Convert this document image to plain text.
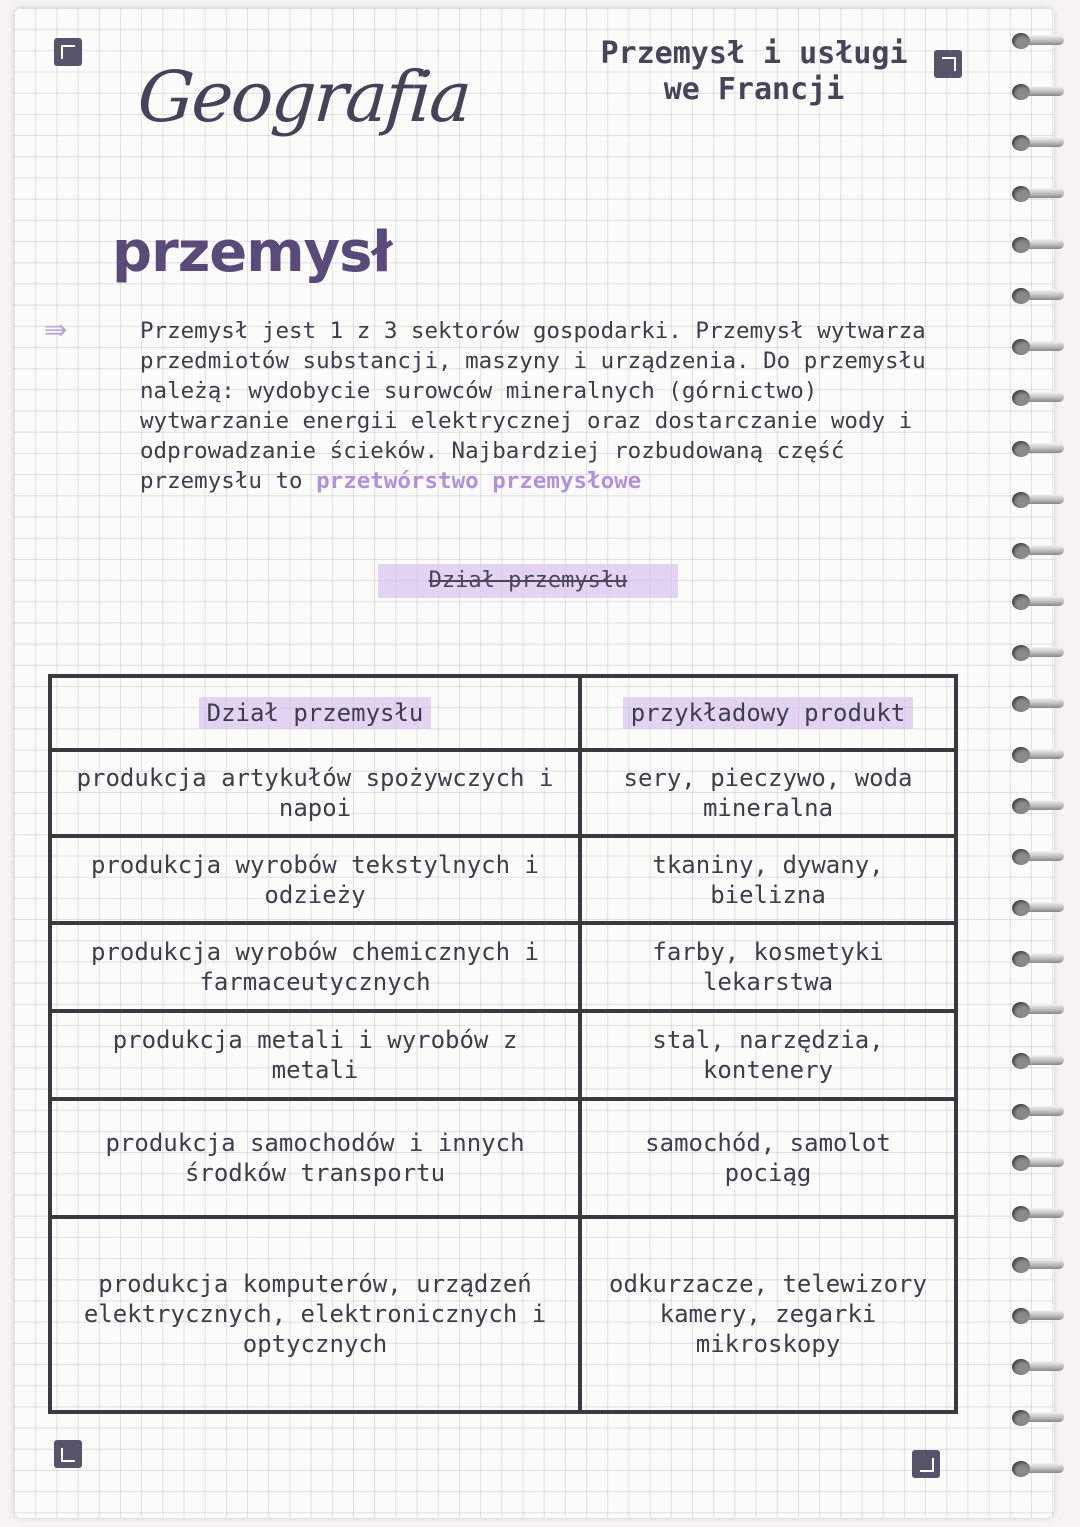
Geografia
Przemysł i usługi we Francji
przemysł
⇛	Przemysł jest 1 z 3 sektorów gospodarki. Przemysł wytwarza przedmiotów substancji, maszyny i urządzenia. Do przemysłu należą: wydobycie surowców mineralnych (górnictwo) wytwarzanie energii elektrycznej oraz dostarczanie wody i odprowadzanie ścieków. Najbardziej rozbudowaną część przemysłu to przetwórstwo przemysłowe
Dział przemysłu
Dział przemysłu	przykładowy produkt
produkcja artykułów spożywczych i napoi	sery, pieczywo, woda mineralna
produkcja wyrobów tekstylnych i odzieży	tkaniny, dywany, bielizna
produkcja wyrobów chemicznych i farmaceutycznych	farby, kosmetyki lekarstwa
produkcja metali i wyrobów z metali	stal, narzędzia, kontenery
produkcja samochodów i innych środków transportu	samochód, samolot pociąg
produkcja komputerów, urządzeń elektrycznych, elektronicznych i optycznych	odkurzacze, telewizory kamery, zegarki mikroskopy
